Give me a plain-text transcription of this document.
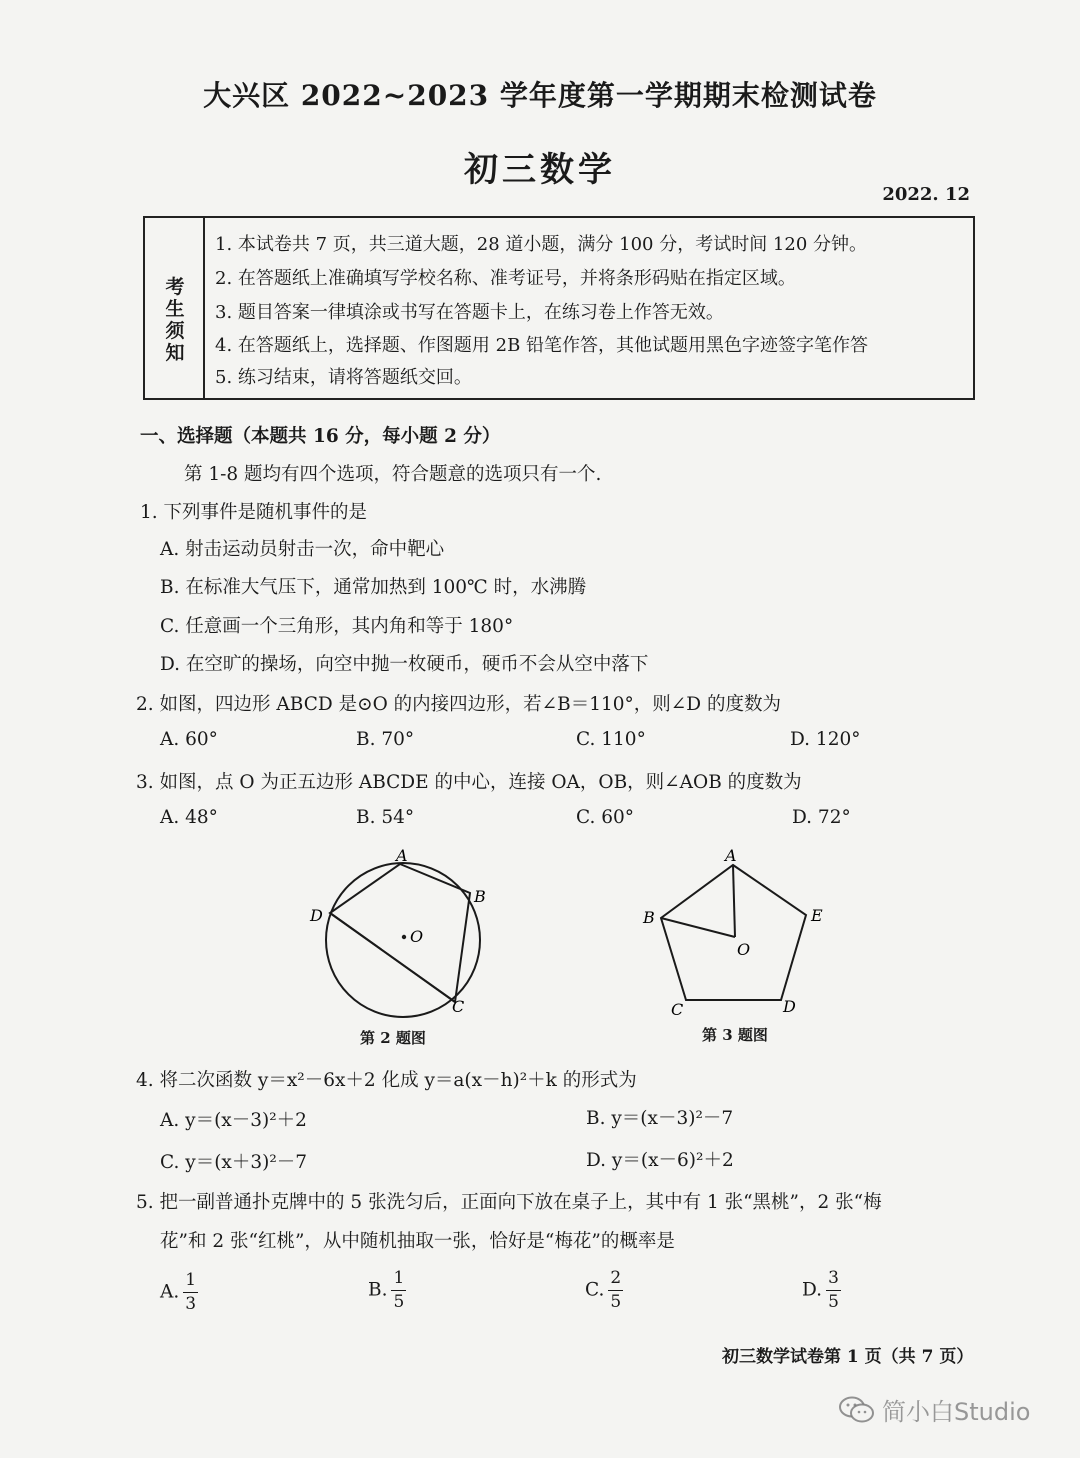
大兴区 2022~2023 学年度第一学期期末检测试卷
初三数学
2022. 12
考生须知
1. 本试卷共 7 页，共三道大题，28 道小题，满分 100 分，考试时间 120 分钟。
2. 在答题纸上准确填写学校名称、准考证号，并将条形码贴在指定区域。
3. 题目答案一律填涂或书写在答题卡上，在练习卷上作答无效。
4. 在答题纸上，选择题、作图题用 2B 铅笔作答，其他试题用黑色字迹签字笔作答
5. 练习结束，请将答题纸交回。
一、选择题（本题共 16 分，每小题 2 分）
第 1-8 题均有四个选项，符合题意的选项只有一个.
1. 下列事件是随机事件的是
A. 射击运动员射击一次，命中靶心
B. 在标准大气压下，通常加热到 100℃ 时，水沸腾
C. 任意画一个三角形，其内角和等于 180°
D. 在空旷的操场，向空中抛一枚硬币，硬币不会从空中落下
2. 如图，四边形 ABCD 是⊙O 的内接四边形，若∠B＝110°，则∠D 的度数为
A. 60°	B. 70°	C. 110°	D. 120°
3. 如图，点 O 为正五边形 ABCDE 的中心，连接 OA，OB，则∠AOB 的度数为
A. 48°	B. 54°	C. 60°	D. 72°
A
B
C
D
O
第 2 题图
A
B
C	D
E
O
第 3 题图
4. 将二次函数 y＝x²－6x＋2 化成 y＝a(x－h)²＋k 的形式为
A. y＝(x－3)²＋2	B. y＝(x－3)²－7
C. y＝(x＋3)²－7	D. y＝(x－6)²＋2
5. 把一副普通扑克牌中的 5 张洗匀后，正面向下放在桌子上，其中有 1 张“黑桃”，2 张“梅
花”和 2 张“红桃”，从中随机抽取一张，恰好是“梅花”的概率是
A. $\frac{1}{3}$	B. $\frac{1}{5}$	C. $\frac{2}{5}$	D. $\frac{3}{5}$
初三数学试卷第 1 页（共 7 页）
简小白Studio
